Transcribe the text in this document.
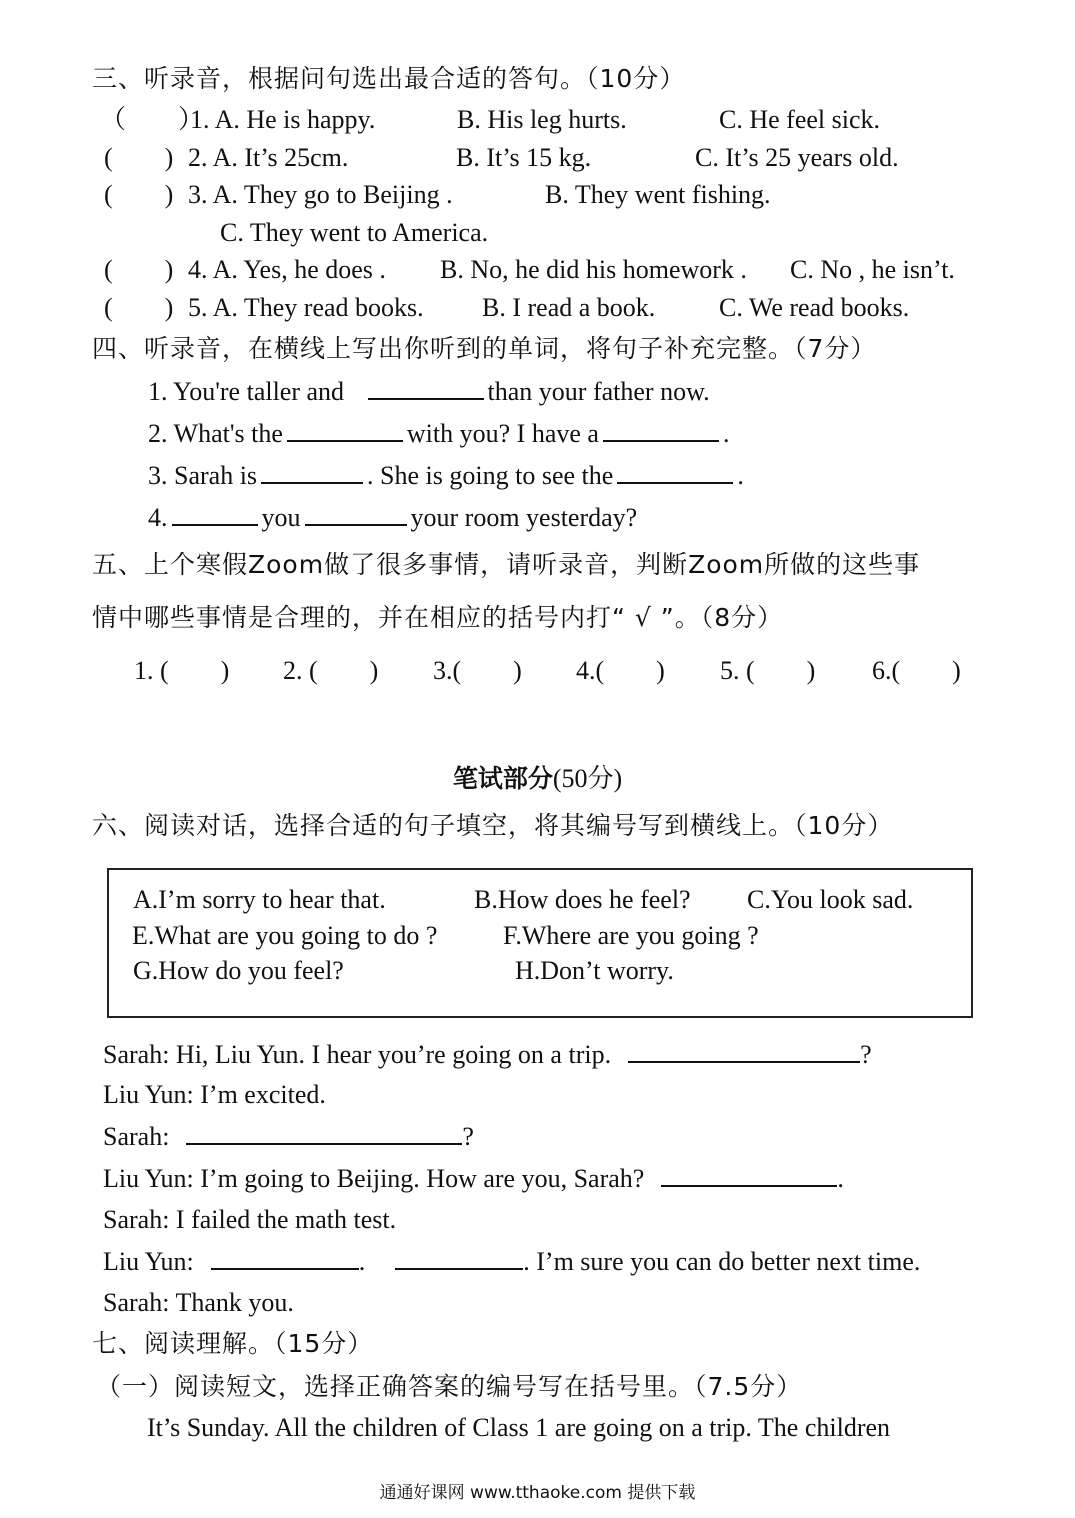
三、听录音，根据问句选出最合适的答句。（10分）
（　　）
1. A. He is happy.	B. His leg hurts.	C. He feel sick.
(　　) 2. A. It’s 25cm.	B. It’s 15 kg.	C. It’s 25 years old.
(　　) 3. A. They go to Beijing .	B. They went fishing.
C. They went to America.
(　　) 4. A. Yes, he does . B. No, he did his homework . C. No , he isn’t.
(　　) 5. A. They read books. B. I read a book. C. We read books.
四、听录音，在横线上写出你听到的单词，将句子补充完整。（7分）
1. You're taller and	than your father now.
2. What's the	with you? I have a	.
3. Sarah is	. She is going to see the	.
4.	you	your room yesterday?
五、上个寒假Zoom做了很多事情，请听录音，判断Zoom所做的这些事
情中哪些事情是合理的，并在相应的括号内打“ √ ”。（8分）
1. (　　) 2. (　　) 3.(　　) 4.(　　) 5. (　　) 6.(　　)
笔试部分(50分)
六、阅读对话，选择合适的句子填空，将其编号写到横线上。（10分）
A.I’m sorry to hear that.	B.How does he feel? C.You look sad.
E.What are you going to do ?	F.Where are you going ?
G.How do you feel?	H.Don’t worry.
Sarah: Hi, Liu Yun. I hear you’re going on a trip.	?
Liu Yun: I’m excited.
Sarah:	?
Liu Yun: I’m going to Beijing. How are you, Sarah?	.
Sarah: I failed the math test.
Liu Yun:	.	. I’m sure you can do better next time.
Sarah: Thank you.
七、阅读理解。（15分）
（一）阅读短文，选择正确答案的编号写在括号里。（7.5分）
It’s Sunday. All the children of Class 1 are going on a trip. The children
通通好课网 www.tthaoke.com 提供下载
